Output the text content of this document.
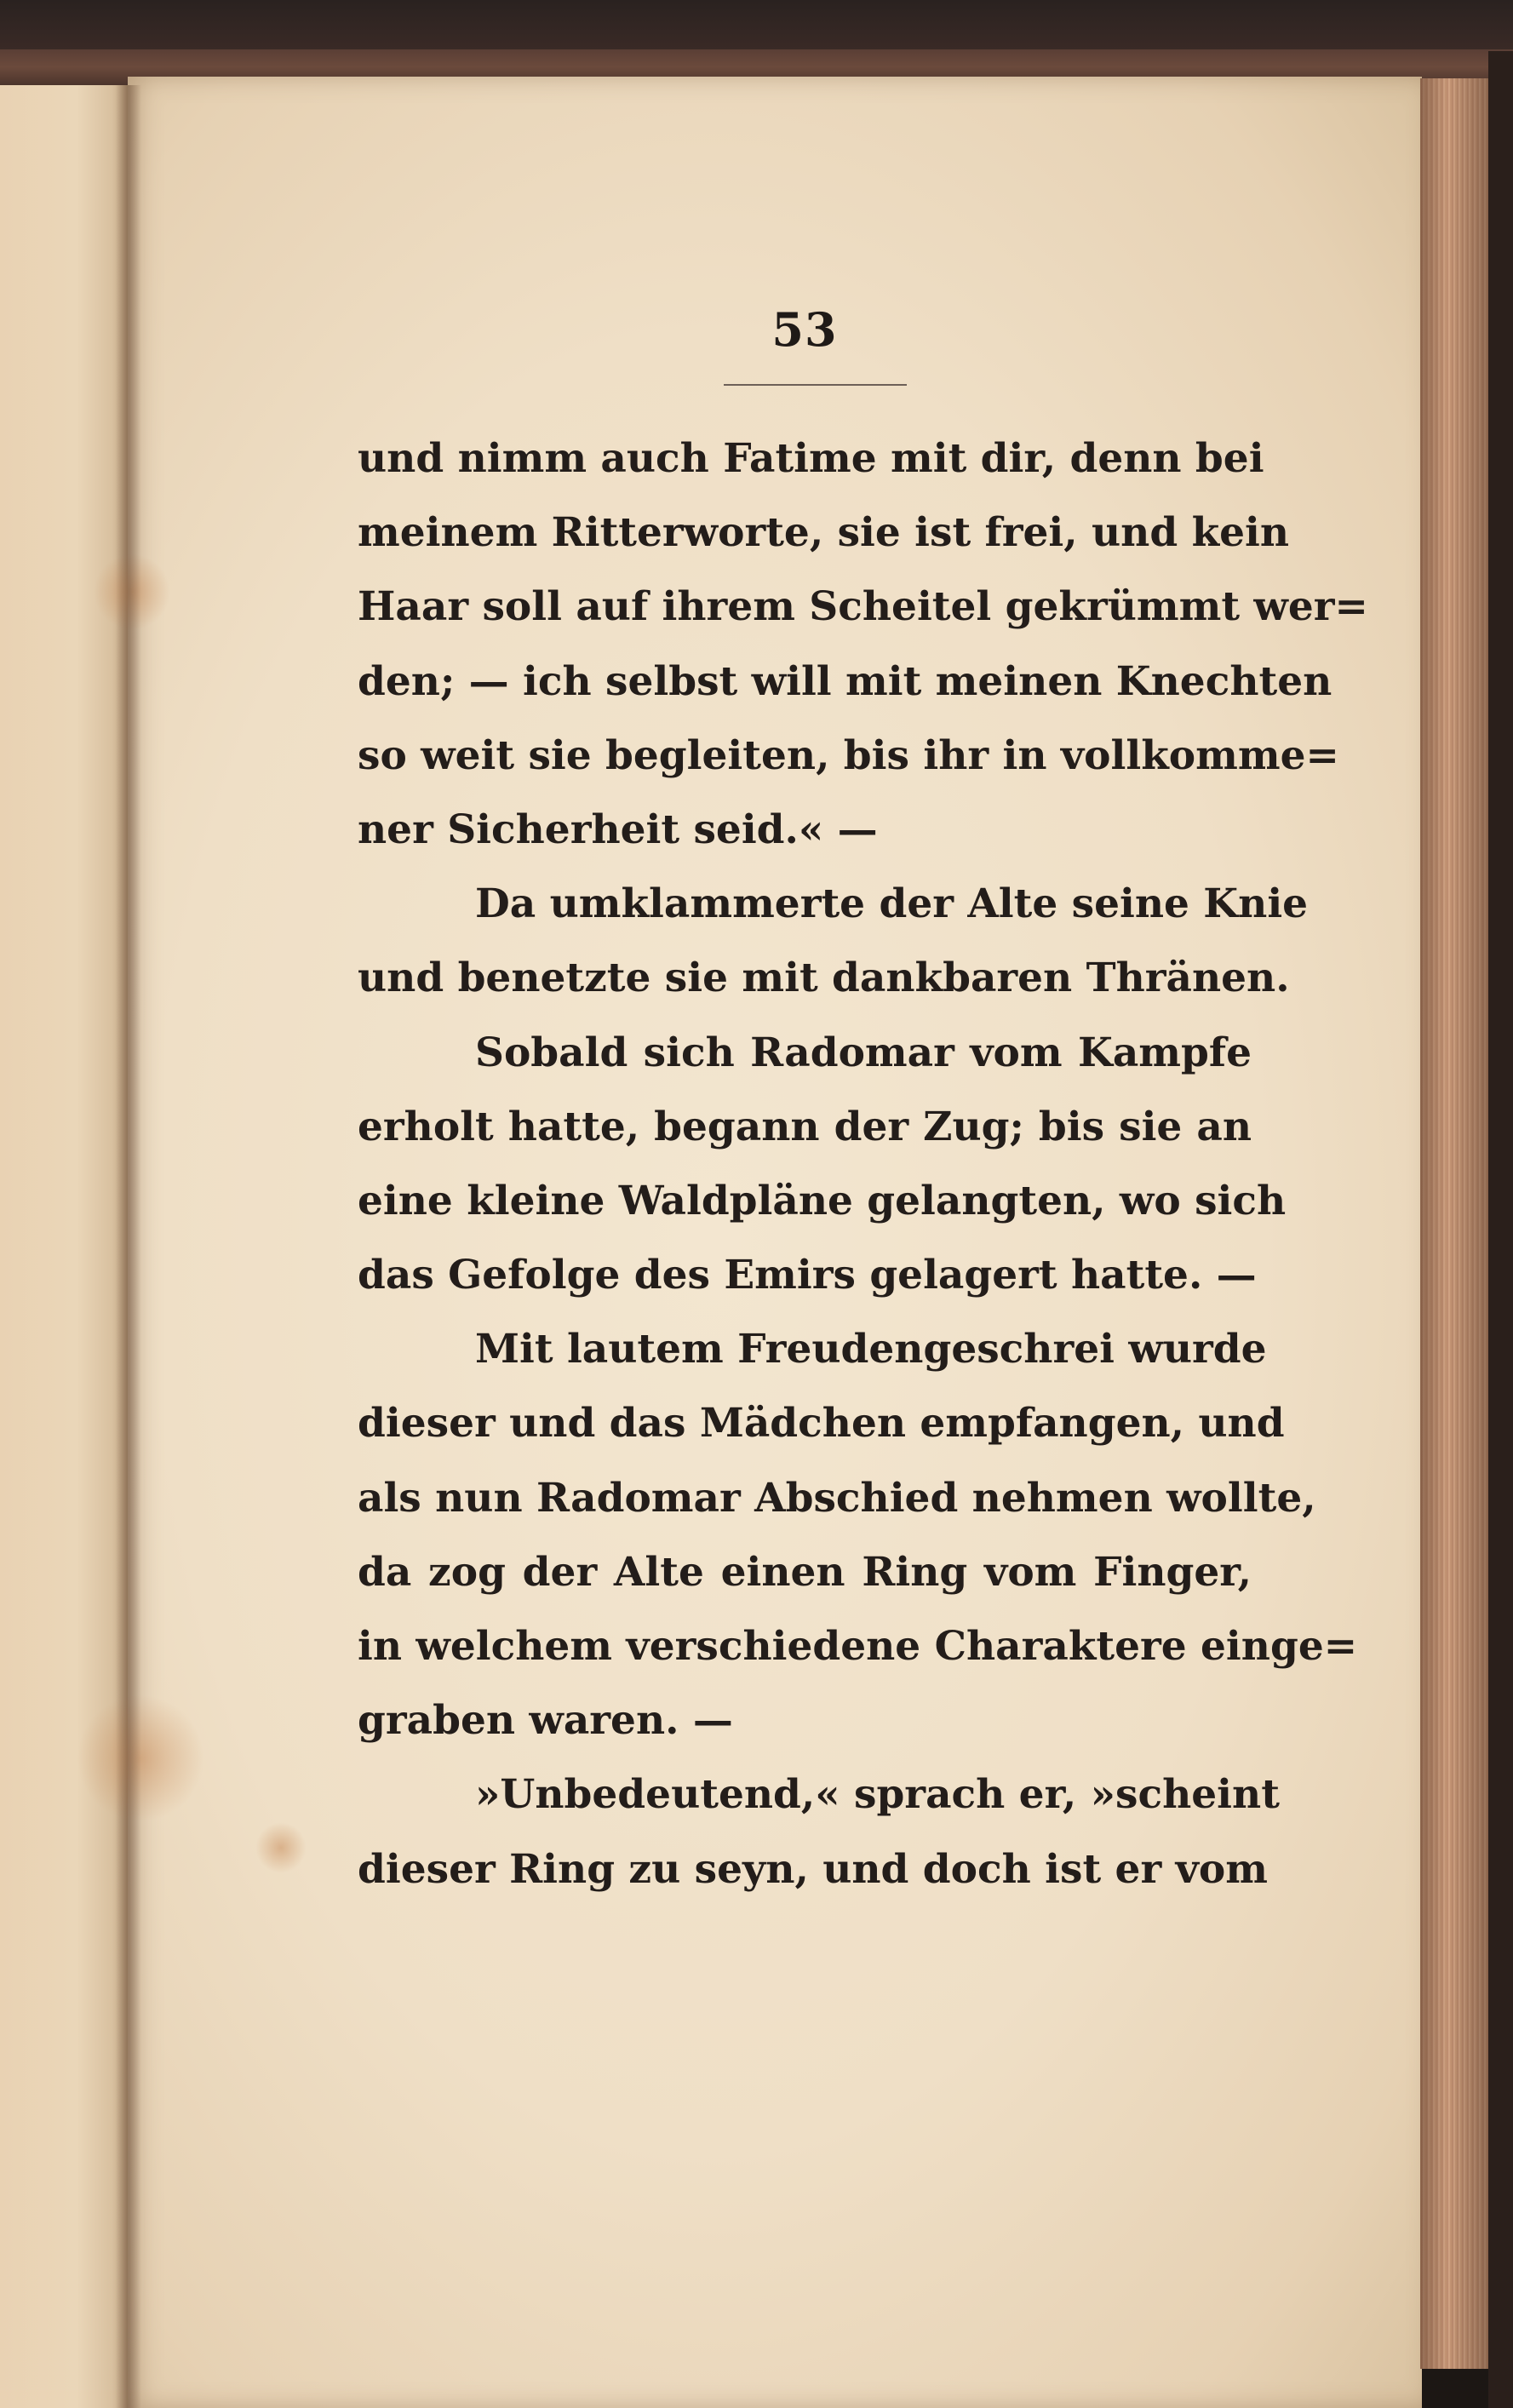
53
und nimm auch Fatime mit dir, denn bei
meinem Ritterworte, sie ist frei, und kein
Haar soll auf ihrem Scheitel gekrümmt wer=
den; — ich selbst will mit meinen Knechten
so weit sie begleiten, bis ihr in vollkomme=
ner Sicherheit seid.« —
Da umklammerte der Alte seine Knie
und benetzte sie mit dankbaren Thränen.
Sobald sich Radomar vom Kampfe
erholt hatte, begann der Zug; bis sie an
eine kleine Waldpläne gelangten, wo sich
das Gefolge des Emirs gelagert hatte. —
Mit lautem Freudengeschrei wurde
dieser und das Mädchen empfangen, und
als nun Radomar Abschied nehmen wollte,
da zog der Alte einen Ring vom Finger,
in welchem verschiedene Charaktere einge=
graben waren. —
»Unbedeutend,« sprach er, »scheint
dieser Ring zu seyn, und doch ist er vom
